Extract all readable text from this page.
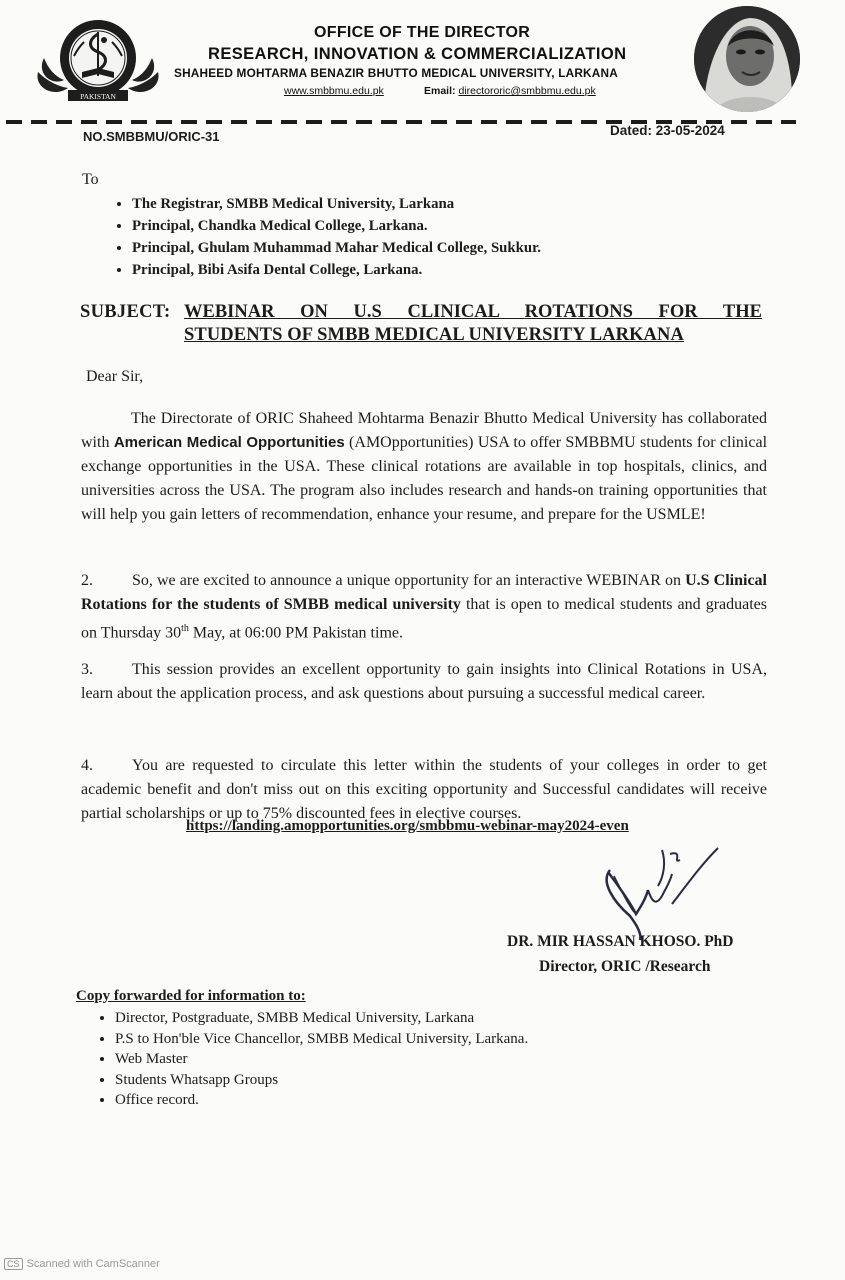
PAKISTAN
OFFICE OF THE DIRECTOR
RESEARCH, INNOVATION & COMMERCIALIZATION
SHAHEED MOHTARMA BENAZIR BHUTTO MEDICAL UNIVERSITY, LARKANA
www.smbbmu.edu.pk	Email: directororic@smbbmu.edu.pk
NO.SMBBMU/ORIC-31	Dated: 23-05-2024
To
• The Registrar, SMBB Medical University, Larkana
• Principal, Chandka Medical College, Larkana.
• Principal, Ghulam Muhammad Mahar Medical College, Sukkur.
• Principal, Bibi Asifa Dental College, Larkana.
SUBJECT: WEBINAR ON U.S CLINICAL ROTATIONS FOR THE
STUDENTS OF SMBB MEDICAL UNIVERSITY LARKANA
Dear Sir,
The Directorate of ORIC Shaheed Mohtarma Benazir Bhutto Medical University has collaborated with American Medical Opportunities (AMOpportunities) USA to offer SMBBMU students for clinical exchange opportunities in the USA. These clinical rotations are available in top hospitals, clinics, and universities across the USA. The program also includes research and hands-on training opportunities that will help you gain letters of recommendation, enhance your resume, and prepare for the USMLE!
2. So, we are excited to announce a unique opportunity for an interactive WEBINAR on U.S Clinical Rotations for the students of SMBB medical university that is open to medical students and graduates on Thursday 30th May, at 06:00 PM Pakistan time.
3. This session provides an excellent opportunity to gain insights into Clinical Rotations in USA, learn about the application process, and ask questions about pursuing a successful medical career.
4. You are requested to circulate this letter within the students of your colleges in order to get academic benefit and don't miss out on this exciting opportunity and Successful candidates will receive partial scholarships or up to 75% discounted fees in elective courses.
https://landing.amopportunities.org/smbbmu-webinar-may2024-even
DR. MIR HASSAN KHOSO. PhD
Director, ORIC /Research
Copy forwarded for information to:
• Director, Postgraduate, SMBB Medical University, Larkana
• P.S to Hon'ble Vice Chancellor, SMBB Medical University, Larkana.
• Web Master
• Students Whatsapp Groups
• Office record.
CS Scanned with CamScanner
